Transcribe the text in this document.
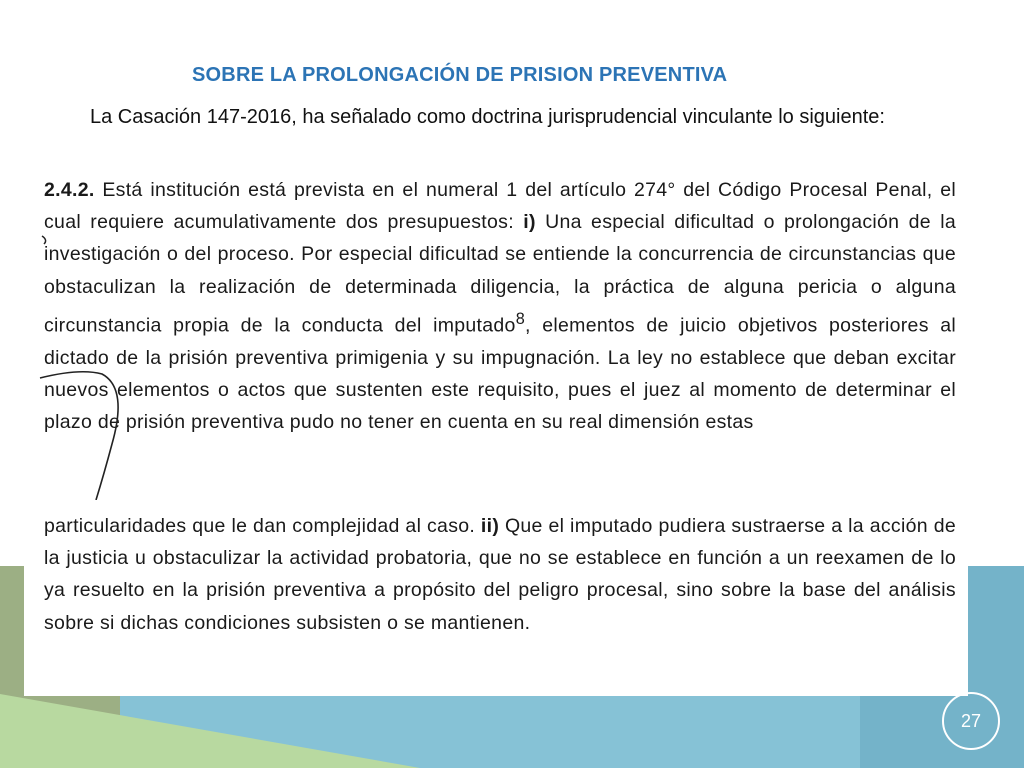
SOBRE LA PROLONGACIÓN DE PRISION PREVENTIVA

La Casación 147-2016, ha señalado como doctrina jurisprudencial vinculante lo siguiente:

2.4.2. Está institución está prevista en el numeral 1 del artículo 274° del Código Procesal Penal, el cual requiere acumulativamente dos presupuestos: i) Una especial dificultad o prolongación de la investigación o del proceso. Por especial dificultad se entiende la concurrencia de circunstancias que obstaculizan la realización de determinada diligencia, la práctica de alguna pericia o alguna circunstancia propia de la conducta del imputado$^8$, elementos de juicio objetivos posteriores al dictado de la prisión preventiva primigenia y su impugnación. La ley no establece que deban excitar nuevos elementos o actos que sustenten este requisito, pues el juez al momento de determinar el plazo de prisión preventiva pudo no tener en cuenta en su real dimensión estas

particularidades que le dan complejidad al caso. ii) Que el imputado pudiera sustraerse a la acción de la justicia u obstaculizar la actividad probatoria, que no se establece en función a un reexamen de lo ya resuelto en la prisión preventiva a propósito del peligro procesal, sino sobre la base del análisis sobre si dichas condiciones subsisten o se mantienen.

27
